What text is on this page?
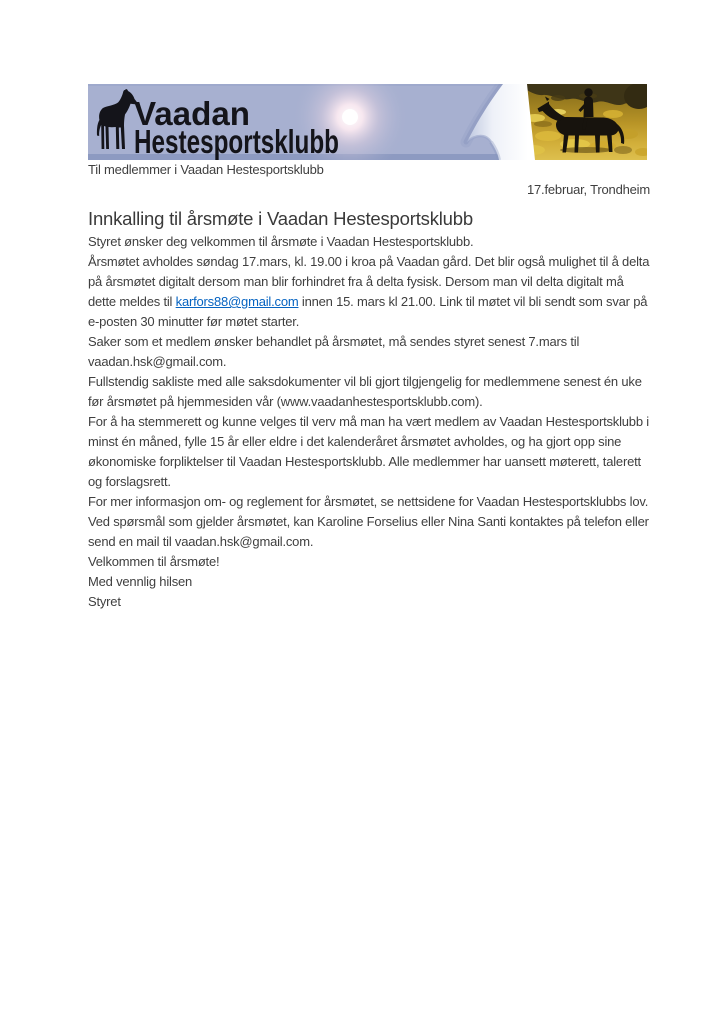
Vaadan
Hestesportsklubb

Til medlemmer i Vaadan Hestesportsklubb

17.februar, Trondheim

Innkalling til årsmøte i Vaadan Hestesportsklubb

Styret ønsker deg velkommen til årsmøte i Vaadan Hestesportsklubb.

Årsmøtet avholdes søndag 17.mars, kl. 19.00 i kroa på Vaadan gård. Det blir også mulighet til å delta på årsmøtet digitalt dersom man blir forhindret fra å delta fysisk. Dersom man vil delta digitalt må dette meldes til karfors88@gmail.com innen 15. mars kl 21.00. Link til møtet vil bli sendt som svar på e-posten 30 minutter før møtet starter.

Saker som et medlem ønsker behandlet på årsmøtet, må sendes styret senest 7.mars til vaadan.hsk@gmail.com.

Fullstendig sakliste med alle saksdokumenter vil bli gjort tilgjengelig for medlemmene senest én uke før årsmøtet på hjemmesiden vår (www.vaadanhestesportsklubb.com).

For å ha stemmerett og kunne velges til verv må man ha vært medlem av Vaadan Hestesportsklubb i minst én måned, fylle 15 år eller eldre i det kalenderåret årsmøtet avholdes, og ha gjort opp sine økonomiske forpliktelser til Vaadan Hestesportsklubb. Alle medlemmer har uansett møterett, talerett og forslagsrett.

For mer informasjon om- og reglement for årsmøtet, se nettsidene for Vaadan Hestesportsklubbs lov. Ved spørsmål som gjelder årsmøtet, kan Karoline Forselius eller Nina Santi kontaktes på telefon eller send en mail til vaadan.hsk@gmail.com.

Velkommen til årsmøte!

Med vennlig hilsen

Styret
